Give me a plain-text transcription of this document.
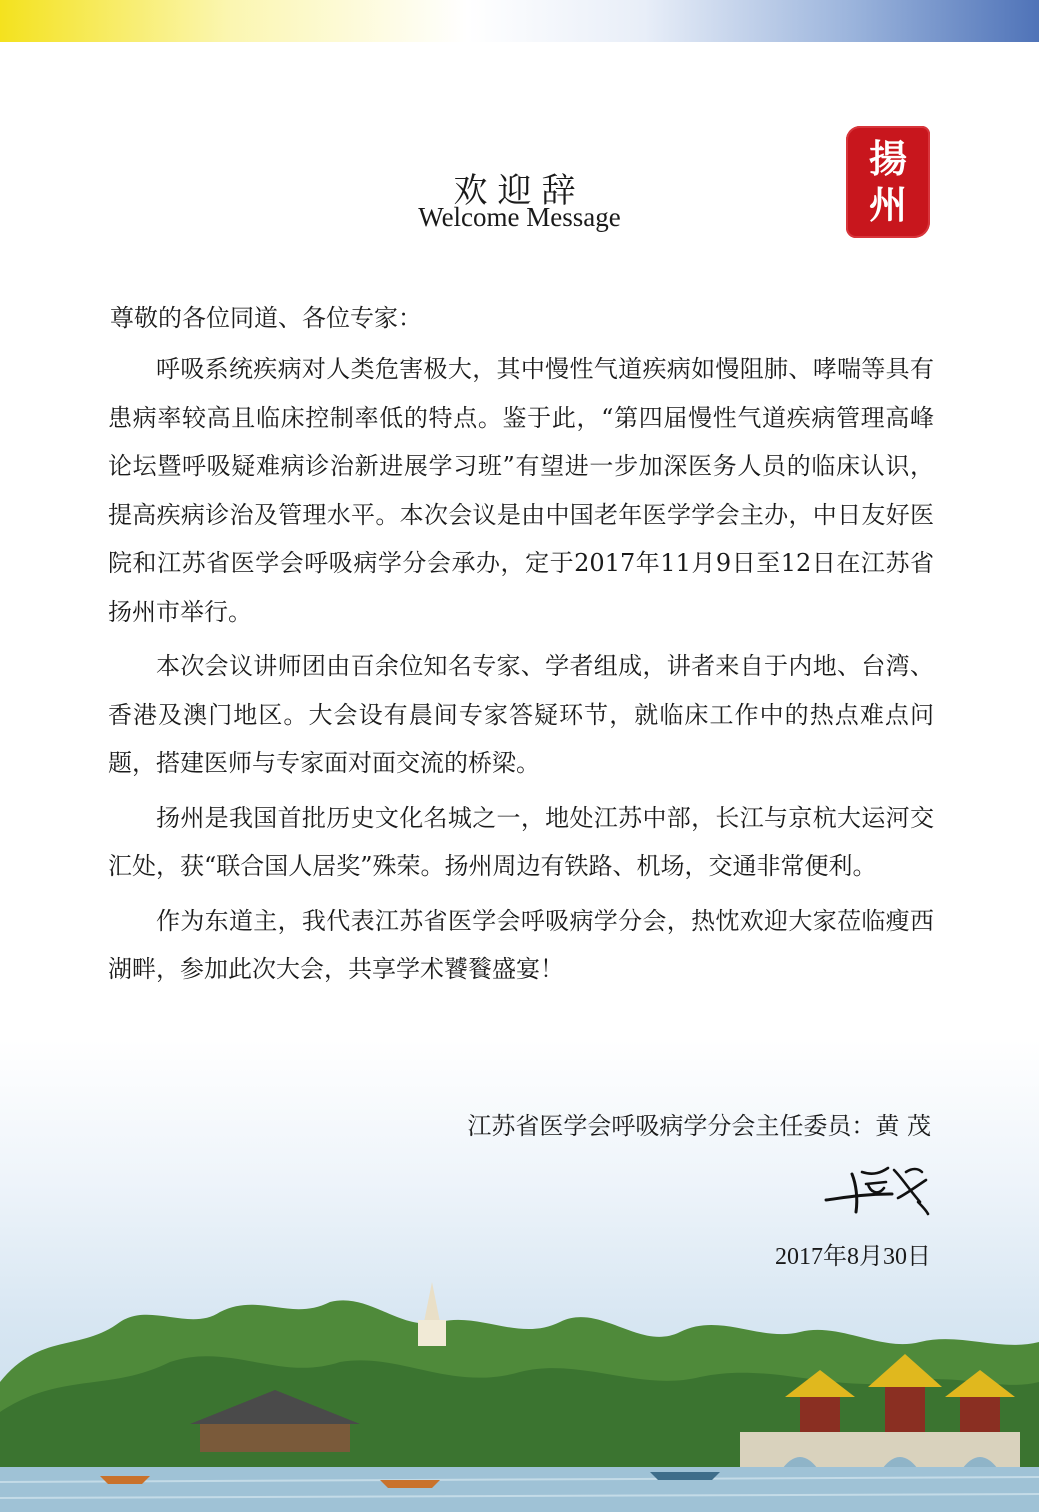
揚
州
欢迎辞
Welcome Message
尊敬的各位同道、各位专家：

呼吸系统疾病对人类危害极大，其中慢性气道疾病如慢阻肺、哮喘等具有患病率较高且临床控制率低的特点。鉴于此，“第四届慢性气道疾病管理高峰论坛暨呼吸疑难病诊治新进展学习班”有望进一步加深医务人员的临床认识，提高疾病诊治及管理水平。本次会议是由中国老年医学学会主办，中日友好医院和江苏省医学会呼吸病学分会承办，定于2017年11月9日至12日在江苏省扬州市举行。

本次会议讲师团由百余位知名专家、学者组成，讲者来自于内地、台湾、香港及澳门地区。大会设有晨间专家答疑环节，就临床工作中的热点难点问题，搭建医师与专家面对面交流的桥梁。

扬州是我国首批历史文化名城之一，地处江苏中部，长江与京杭大运河交汇处，获“联合国人居奖”殊荣。扬州周边有铁路、机场，交通非常便利。

作为东道主，我代表江苏省医学会呼吸病学分会，热忱欢迎大家莅临瘦西湖畔，参加此次大会，共享学术饕餮盛宴！

江苏省医学会呼吸病学分会主任委员：黄 茂
2017年8月30日
